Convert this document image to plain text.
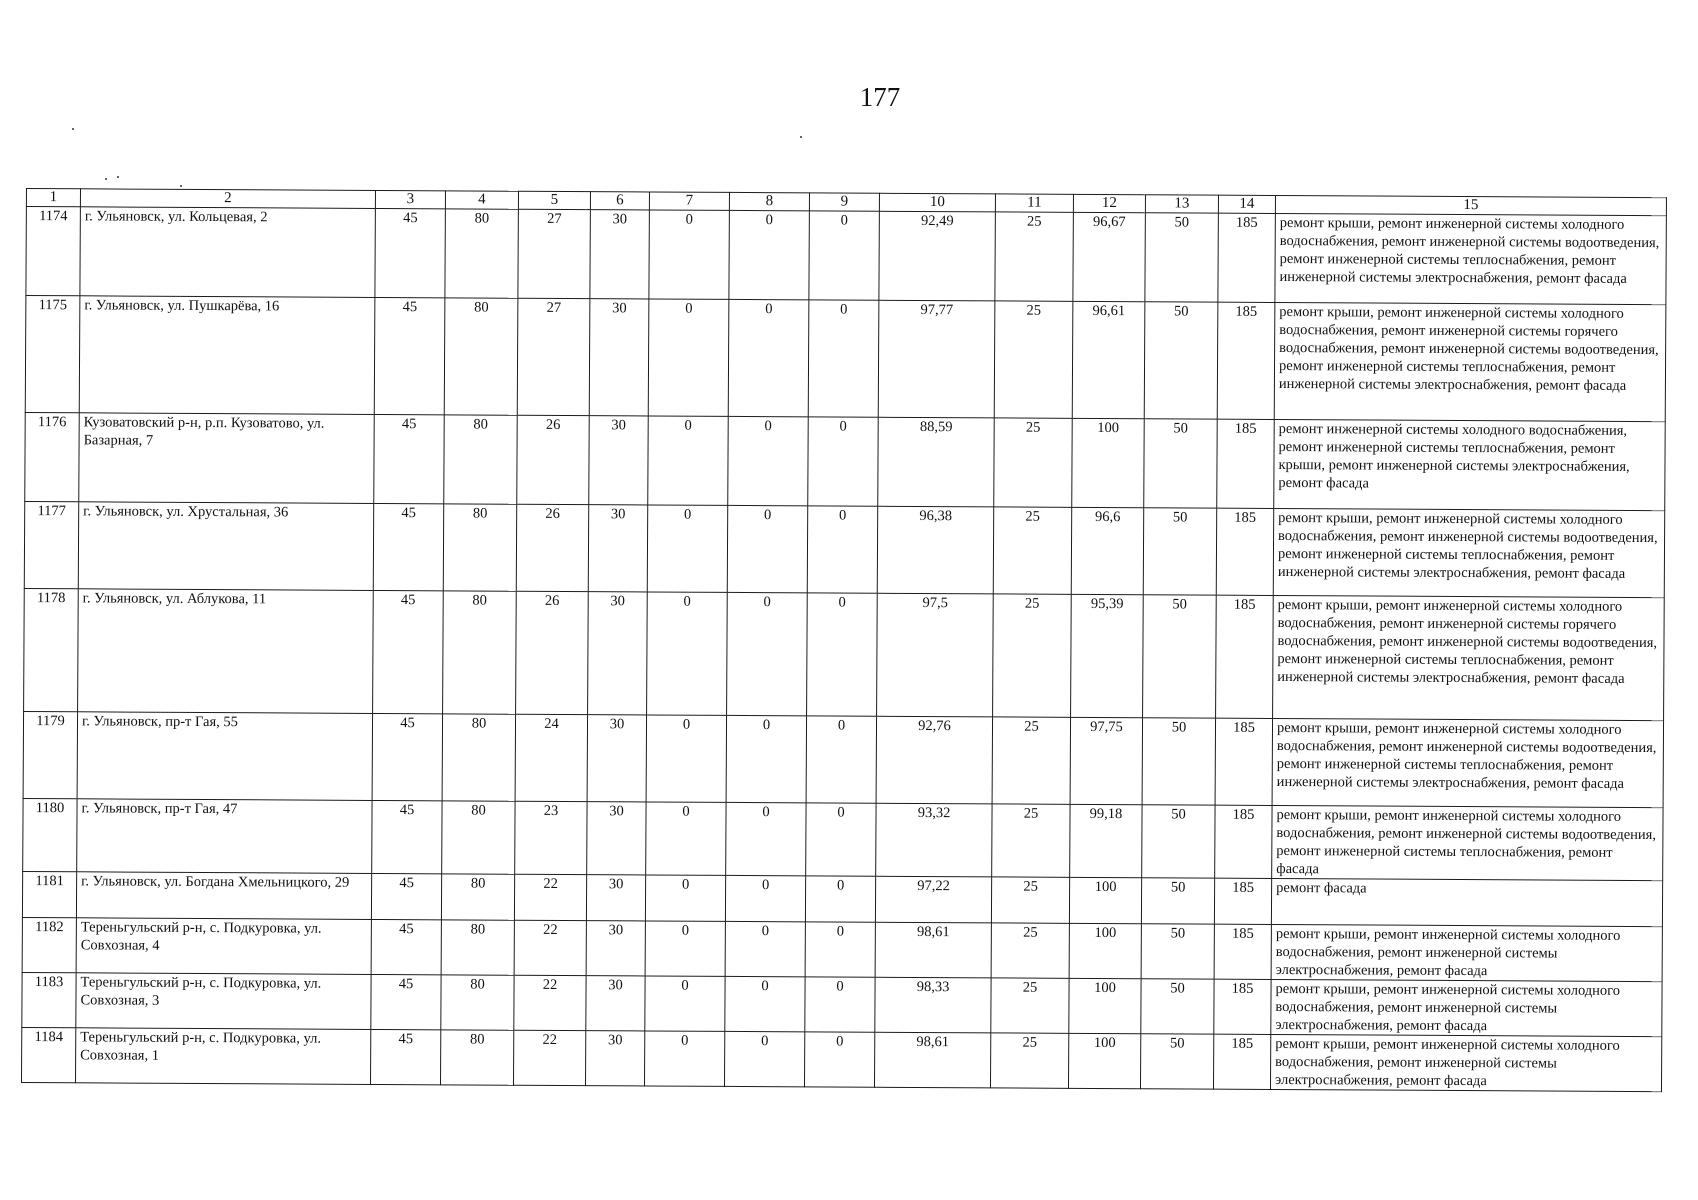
177
1	2	3	4	5	6	7	8	9	10	11	12	13	14	15
1174	г. Ульяновск, ул. Кольцевая, 2	45	80	27	30	0	0	0	92,49	25	96,67	50	185	ремонт крыши, ремонт инженерной системы холодного водоснабжения, ремонт инженерной системы водоотведения, ремонт инженерной системы теплоснабжения, ремонт инженерной системы электроснабжения, ремонт фасада
1175	г. Ульяновск, ул. Пушкарёва, 16	45	80	27	30	0	0	0	97,77	25	96,61	50	185	ремонт крыши, ремонт инженерной системы холодного водоснабжения, ремонт инженерной системы горячего водоснабжения, ремонт инженерной системы водоотведения, ремонт инженерной системы теплоснабжения, ремонт инженерной системы электроснабжения, ремонт фасада
1176	Кузоватовский р-н, р.п. Кузоватово, ул. Базарная, 7	45	80	26	30	0	0	0	88,59	25	100	50	185	ремонт инженерной системы холодного водоснабжения, ремонт инженерной системы теплоснабжения, ремонт крыши, ремонт инженерной системы электроснабжения, ремонт фасада
1177	г. Ульяновск, ул. Хрустальная, 36	45	80	26	30	0	0	0	96,38	25	96,6	50	185	ремонт крыши, ремонт инженерной системы холодного водоснабжения, ремонт инженерной системы водоотведения, ремонт инженерной системы теплоснабжения, ремонт инженерной системы электроснабжения, ремонт фасада
1178	г. Ульяновск, ул. Аблукова, 11	45	80	26	30	0	0	0	97,5	25	95,39	50	185	ремонт крыши, ремонт инженерной системы холодного водоснабжения, ремонт инженерной системы горячего водоснабжения, ремонт инженерной системы водоотведения, ремонт инженерной системы теплоснабжения, ремонт инженерной системы электроснабжения, ремонт фасада
1179	г. Ульяновск, пр-т Гая, 55	45	80	24	30	0	0	0	92,76	25	97,75	50	185	ремонт крыши, ремонт инженерной системы холодного водоснабжения, ремонт инженерной системы водоотведения, ремонт инженерной системы теплоснабжения, ремонт инженерной системы электроснабжения, ремонт фасада
1180	г. Ульяновск, пр-т Гая, 47	45	80	23	30	0	0	0	93,32	25	99,18	50	185	ремонт крыши, ремонт инженерной системы холодного водоснабжения, ремонт инженерной системы водоотведения, ремонт инженерной системы теплоснабжения, ремонт фасада
1181	г. Ульяновск, ул. Богдана Хмельницкого, 29	45	80	22	30	0	0	0	97,22	25	100	50	185	ремонт фасада
1182	Тереньгульский р-н, с. Подкуровка, ул. Совхозная, 4	45	80	22	30	0	0	0	98,61	25	100	50	185	ремонт крыши, ремонт инженерной системы холодного водоснабжения, ремонт инженерной системы электроснабжения, ремонт фасада
1183	Тереньгульский р-н, с. Подкуровка, ул. Совхозная, 3	45	80	22	30	0	0	0	98,33	25	100	50	185	ремонт крыши, ремонт инженерной системы холодного водоснабжения, ремонт инженерной системы электроснабжения, ремонт фасада
1184	Тереньгульский р-н, с. Подкуровка, ул. Совхозная, 1	45	80	22	30	0	0	0	98,61	25	100	50	185	ремонт крыши, ремонт инженерной системы холодного водоснабжения, ремонт инженерной системы электроснабжения, ремонт фасада
